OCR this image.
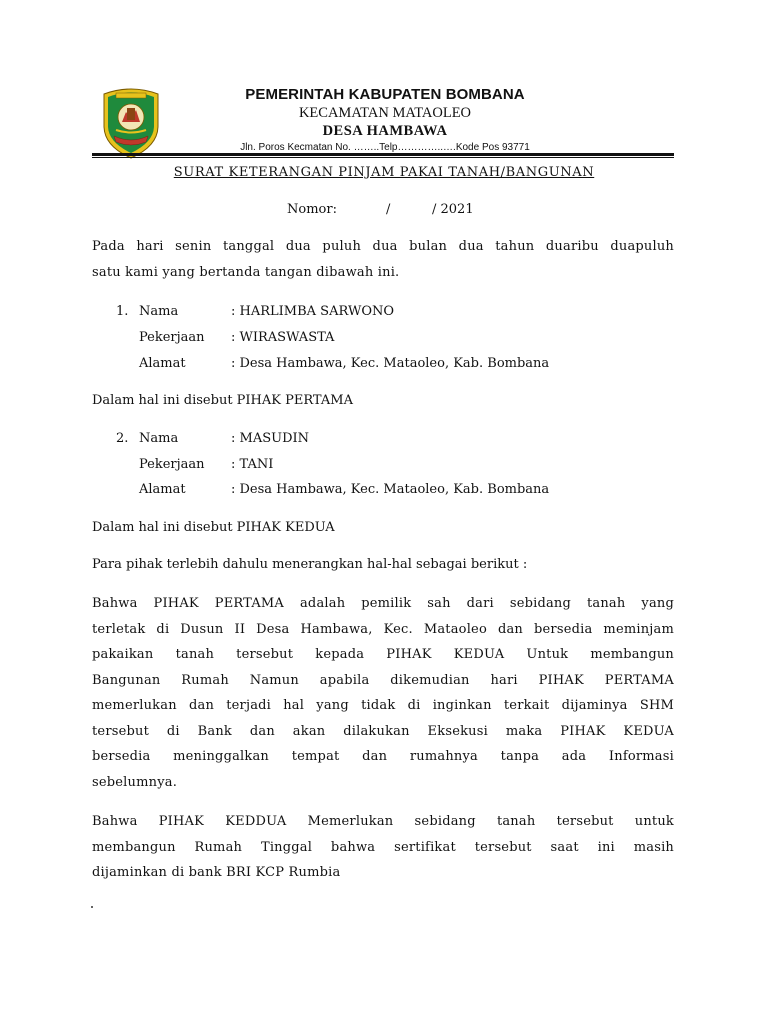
PEMERINTAH KABUPATEN BOMBANA
KECAMATAN MATAOLEO
DESA HAMBAWA
Jln. Poros Kecmatan No. ……..Telp…………..….Kode Pos 93771
SURAT KETERANGAN PINJAM PAKAI TANAH/BANGUNAN
Nomor:	/	/ 2021
Pada hari senin tanggal dua puluh dua bulan dua tahun duaribu duapuluh
satu kami yang bertanda tangan dibawah ini.
1. Nama	: HARLIMBA SARWONO
Pekerjaan : WIRASWASTA
Alamat	: Desa Hambawa, Kec. Mataoleo, Kab. Bombana
Dalam hal ini disebut PIHAK PERTAMA
2. Nama	: MASUDIN
Pekerjaan : TANI
Alamat	: Desa Hambawa, Kec. Mataoleo, Kab. Bombana
Dalam hal ini disebut PIHAK KEDUA
Para pihak terlebih dahulu menerangkan hal-hal sebagai berikut :
Bahwa PIHAK PERTAMA adalah pemilik sah dari sebidang tanah yang
terletak di Dusun II Desa Hambawa, Kec. Mataoleo dan bersedia meminjam
pakaikan tanah tersebut kepada PIHAK KEDUA Untuk membangun
Bangunan Rumah Namun apabila dikemudian hari PIHAK PERTAMA
memerlukan dan terjadi hal yang tidak di inginkan terkait dijaminya SHM
tersebut di Bank dan akan dilakukan Eksekusi maka PIHAK KEDUA
bersedia meninggalkan tempat dan rumahnya tanpa ada Informasi
sebelumnya.
Bahwa PIHAK KEDDUA Memerlukan sebidang tanah tersebut untuk
membangun Rumah Tinggal bahwa sertifikat tersebut saat ini masih
dijaminkan di bank BRI KCP Rumbia
